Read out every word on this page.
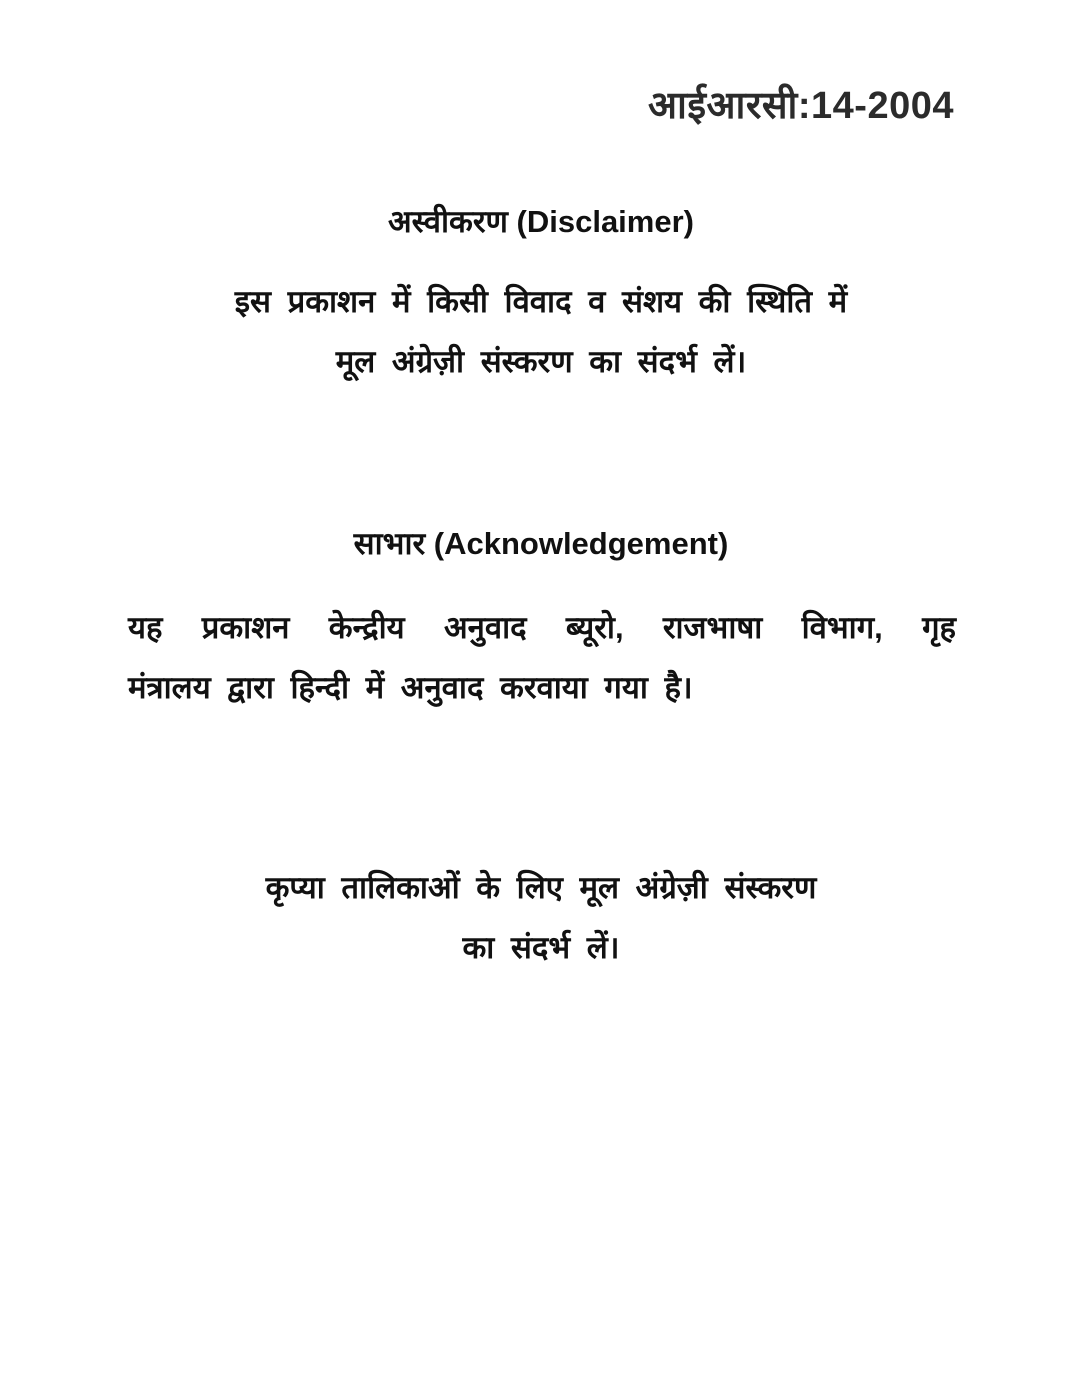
आईआरसी:14-2004
अस्वीकरण (Disclaimer)
इस प्रकाशन में किसी विवाद व संशय की स्थिति में
मूल अंग्रेज़ी संस्करण का संदर्भ लें।
साभार (Acknowledgement)
यह प्रकाशन केन्द्रीय अनुवाद ब्यूरो, राजभाषा विभाग, गृह
मंत्रालय द्वारा हिन्दी में अनुवाद करवाया गया है।
कृप्या तालिकाओं के लिए मूल अंग्रेज़ी संस्करण
का संदर्भ लें।
